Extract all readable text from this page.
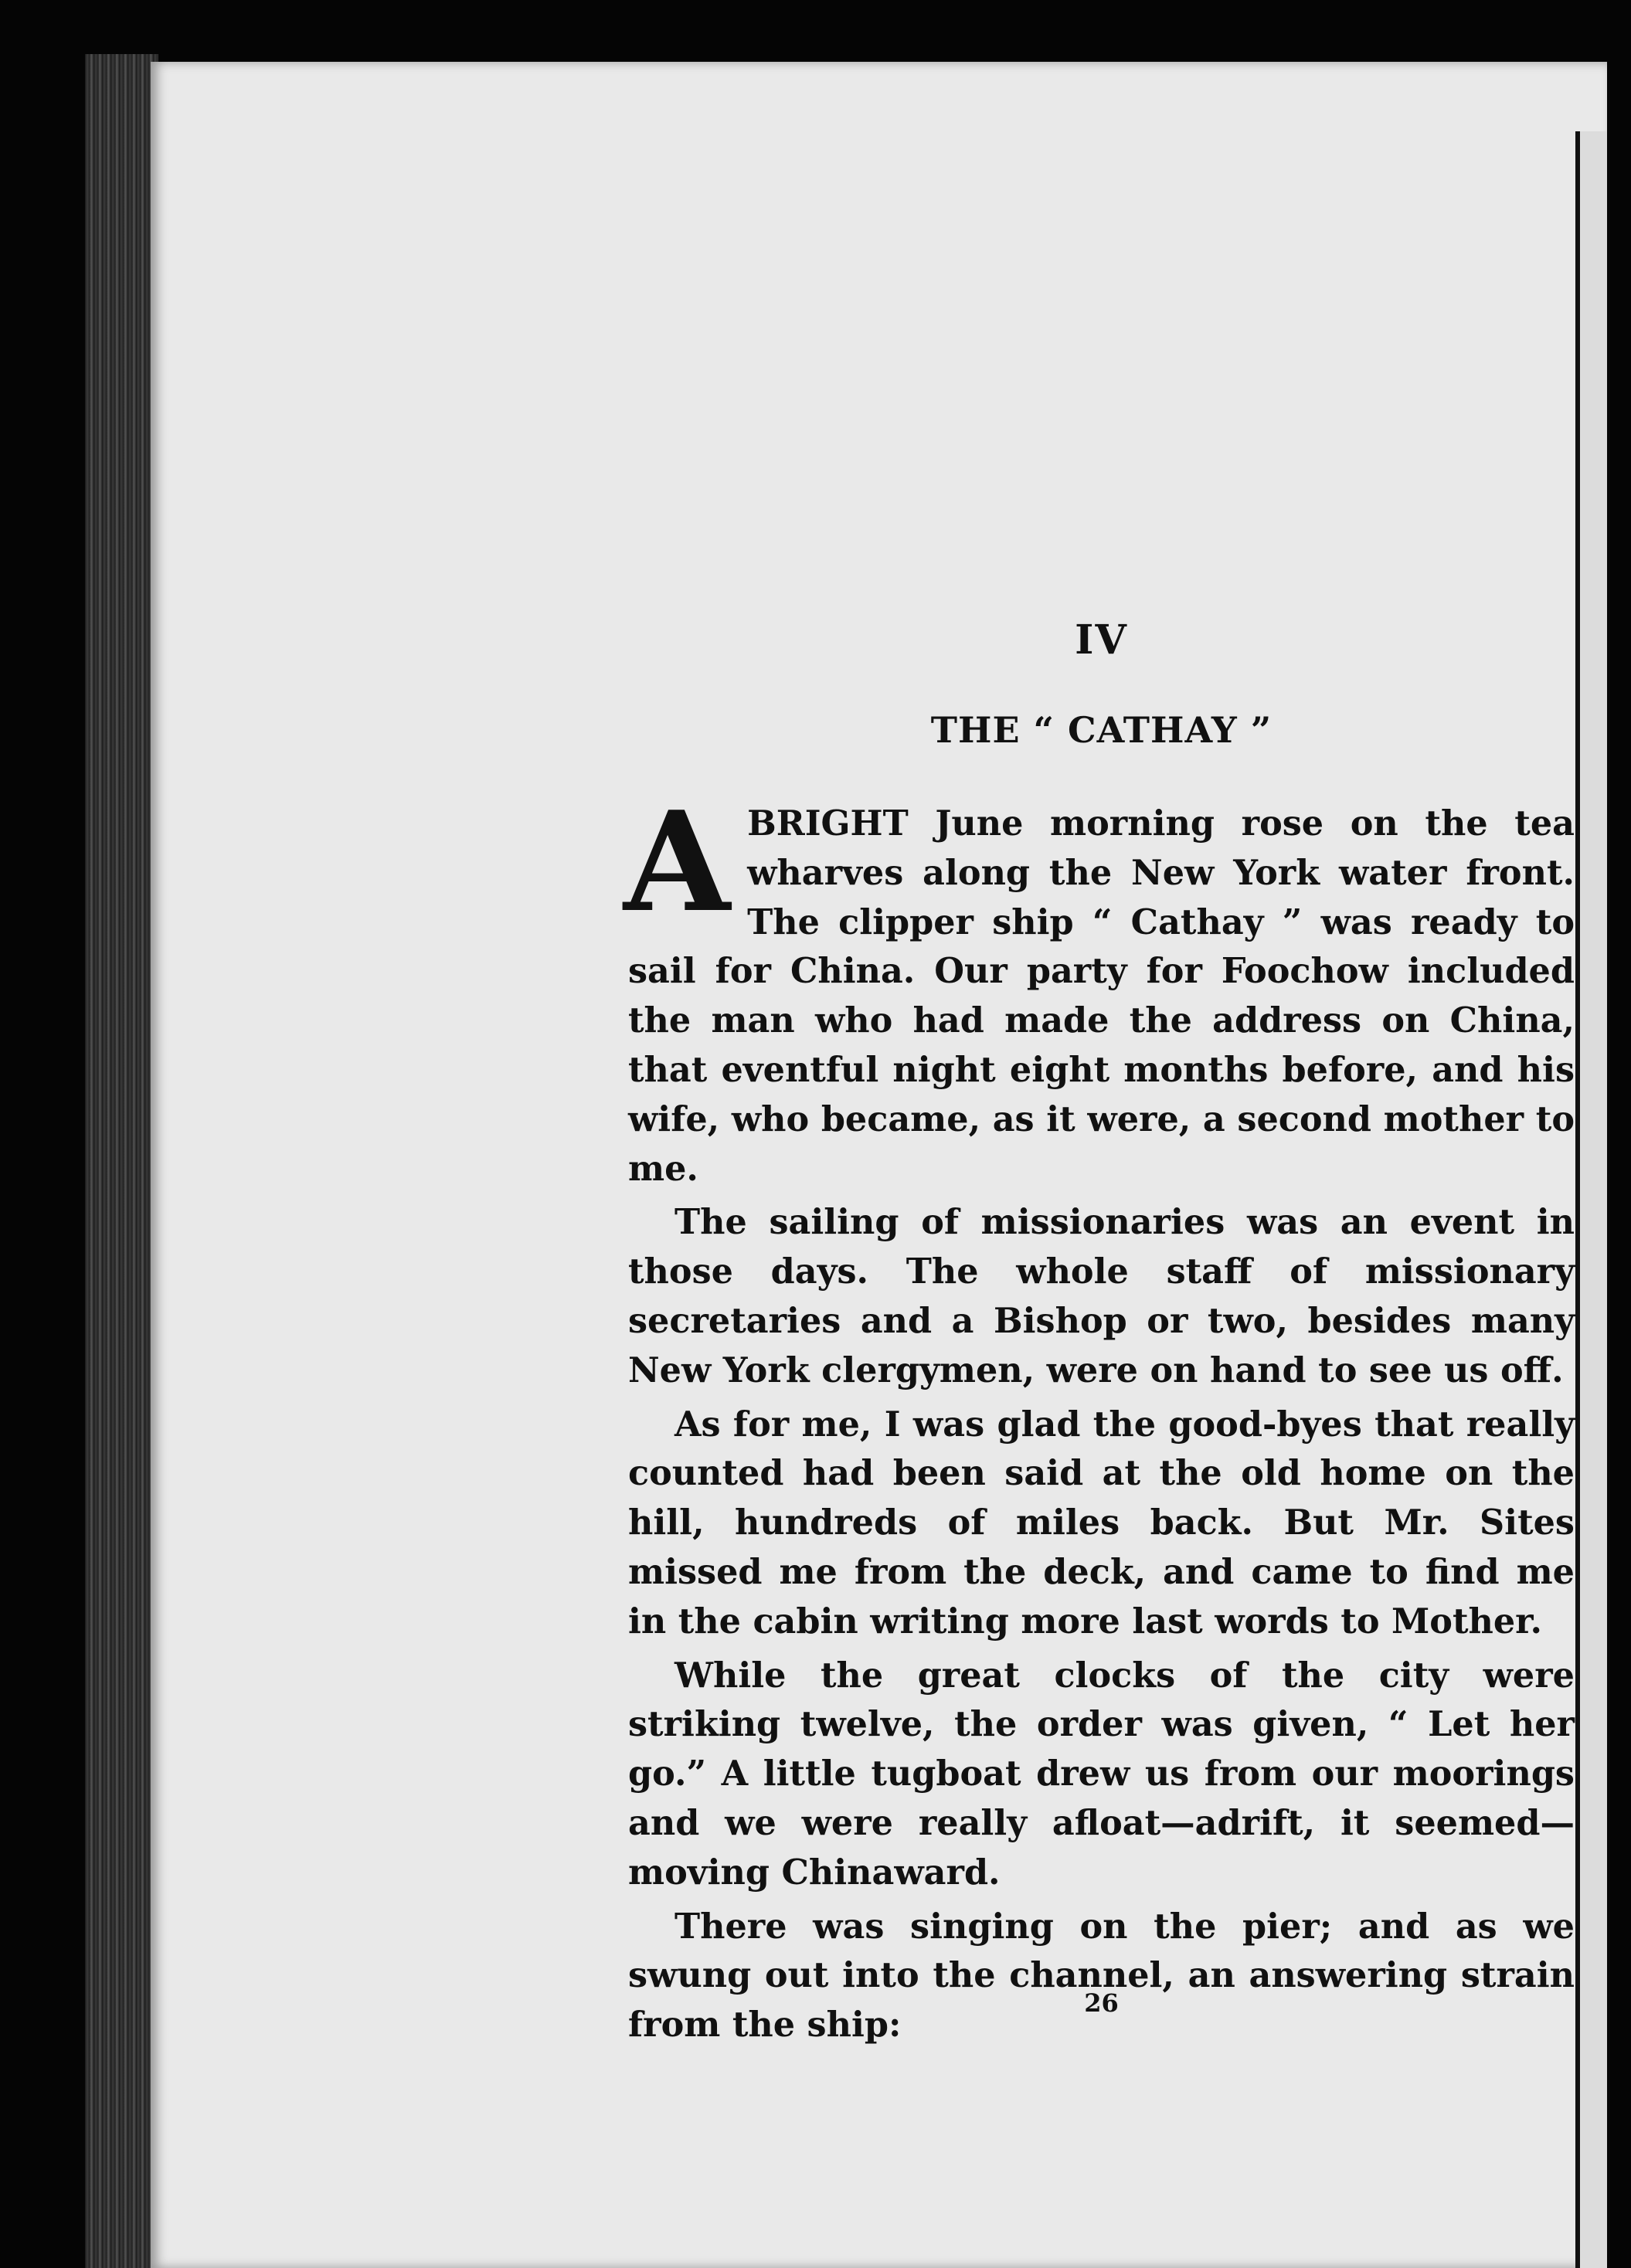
IV
THE “ CATHAY ”

ABRIGHT June morning rose on the tea wharves along the New York water front. The clipper ship “ Cathay ” was ready to sail for China. Our party for Foochow included the man who had made the address on China, that eventful night eight months before, and his wife, who became, as it were, a second mother to me.

The sailing of missionaries was an event in those days. The whole staff of missionary secretaries and a Bishop or two, besides many New York clergymen, were on hand to see us off.

As for me, I was glad the good-byes that really counted had been said at the old home on the hill, hundreds of miles back. But Mr. Sites missed me from the deck, and came to find me in the cabin writing more last words to Mother.

While the great clocks of the city were striking twelve, the order was given, “ Let her go.” A little tugboat drew us from our moorings and we were really afloat—adrift, it seemed—moving Chinaward.

There was singing on the pier; and as we swung out into the channel, an answering strain from the ship:

26
